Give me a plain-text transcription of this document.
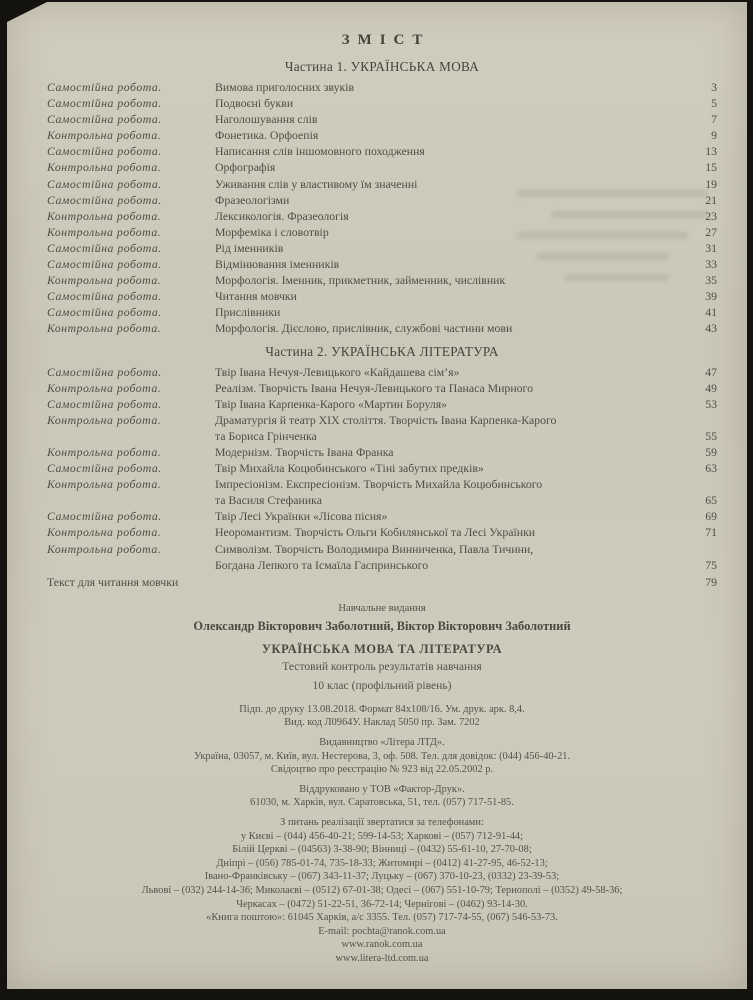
ЗМІСТ
Частина 1. УКРАЇНСЬКА МОВА
Самостійна робота.	Вимова приголосних звуків	3
Самостійна робота.	Подвоєні букви	5
Самостійна робота.	Наголошування слів	7
Контрольна робота.	Фонетика. Орфоепія	9
Самостійна робота.	Написання слів іншомовного походження	13
Контрольна робота.	Орфографія	15
Самостійна робота.	Уживання слів у властивому їм значенні	19
Самостійна робота.	Фразеологізми	21
Контрольна робота.	Лексикологія. Фразеологія	23
Контрольна робота.	Морфеміка і словотвір	27
Самостійна робота.	Рід іменників	31
Самостійна робота.	Відмінювання іменників	33
Контрольна робота.	Морфологія. Іменник, прикметник, займенник, числівник	35
Самостійна робота.	Читання мовчки	39
Самостійна робота.	Прислівники	41
Контрольна робота.	Морфологія. Дієслово, прислівник, службові частини мови	43
Частина 2. УКРАЇНСЬКА ЛІТЕРАТУРА
Самостійна робота.	Твір Івана Нечуя-Левицького «Кайдашева сім’я»	47
Контрольна робота.	Реалізм. Творчість Івана Нечуя-Левицького та Панаса Мирного	49
Самостійна робота.	Твір Івана Карпенка-Карого «Мартин Боруля»	53
Контрольна робота.	Драматургія й театр XIX століття. Творчість Івана Карпенка-Карого
та Бориса Грінченка	55
Контрольна робота.	Модернізм. Творчість Івана Франка	59
Самостійна робота.	Твір Михайла Коцюбинського «Тіні забутих предків»	63
Контрольна робота.	Імпресіонізм. Експресіонізм. Творчість Михайла Коцюбинського
та Василя Стефаника	65
Самостійна робота.	Твір Лесі Українки «Лісова пісня»	69
Контрольна робота.	Неоромантизм. Творчість Ольги Кобилянської та Лесі Українки	71
Контрольна робота.	Символізм. Творчість Володимира Винниченка, Павла Тичини,
Богдана Лепкого та Ісмаїла Гаспринського	75
Текст для читання мовчки	79
Навчальне видання
Олександр Вікторович Заболотний, Віктор Вікторович Заболотний
УКРАЇНСЬКА МОВА ТА ЛІТЕРАТУРА
Тестовий контроль результатів навчання
10 клас (профільний рівень)
Підп. до друку 13.08.2018. Формат 84х108/16. Ум. друк. арк. 8,4.
Вид. код Л0964У. Наклад 5050 пр. Зам. 7202
Видавництво «Літера ЛТД».
Україна, 03057, м. Київ, вул. Нестерова, 3, оф. 508. Тел. для довідок: (044) 456-40-21.
Свідоцтво про реєстрацію № 923 від 22.05.2002 р.
Віддруковано у ТОВ «Фактор-Друк».
61030, м. Харків, вул. Саратовська, 51, тел. (057) 717-51-85.
З питань реалізації звертатися за телефонами:
у Києві – (044) 456-40-21; 599-14-53; Харкові – (057) 712-91-44;
Білій Церкві – (04563) 3-38-90; Вінниці – (0432) 55-61-10, 27-70-08;
Дніпрі – (056) 785-01-74, 735-18-33; Житомирі – (0412) 41-27-95, 46-52-13;
Івано-Франківську – (067) 343-11-37; Луцьку – (067) 370-10-23, (0332) 23-39-53;
Львові – (032) 244-14-36; Миколаєві – (0512) 67-01-38; Одесі – (067) 551-10-79; Тернополі – (0352) 49-58-36;
Черкасах – (0472) 51-22-51, 36-72-14; Чернігові – (0462) 93-14-30.
«Книга поштою»: 61045 Харків, а/с 3355. Тел. (057) 717-74-55, (067) 546-53-73.
E-mail: pochta@ranok.com.ua
www.ranok.com.ua
www.litera-ltd.com.ua
